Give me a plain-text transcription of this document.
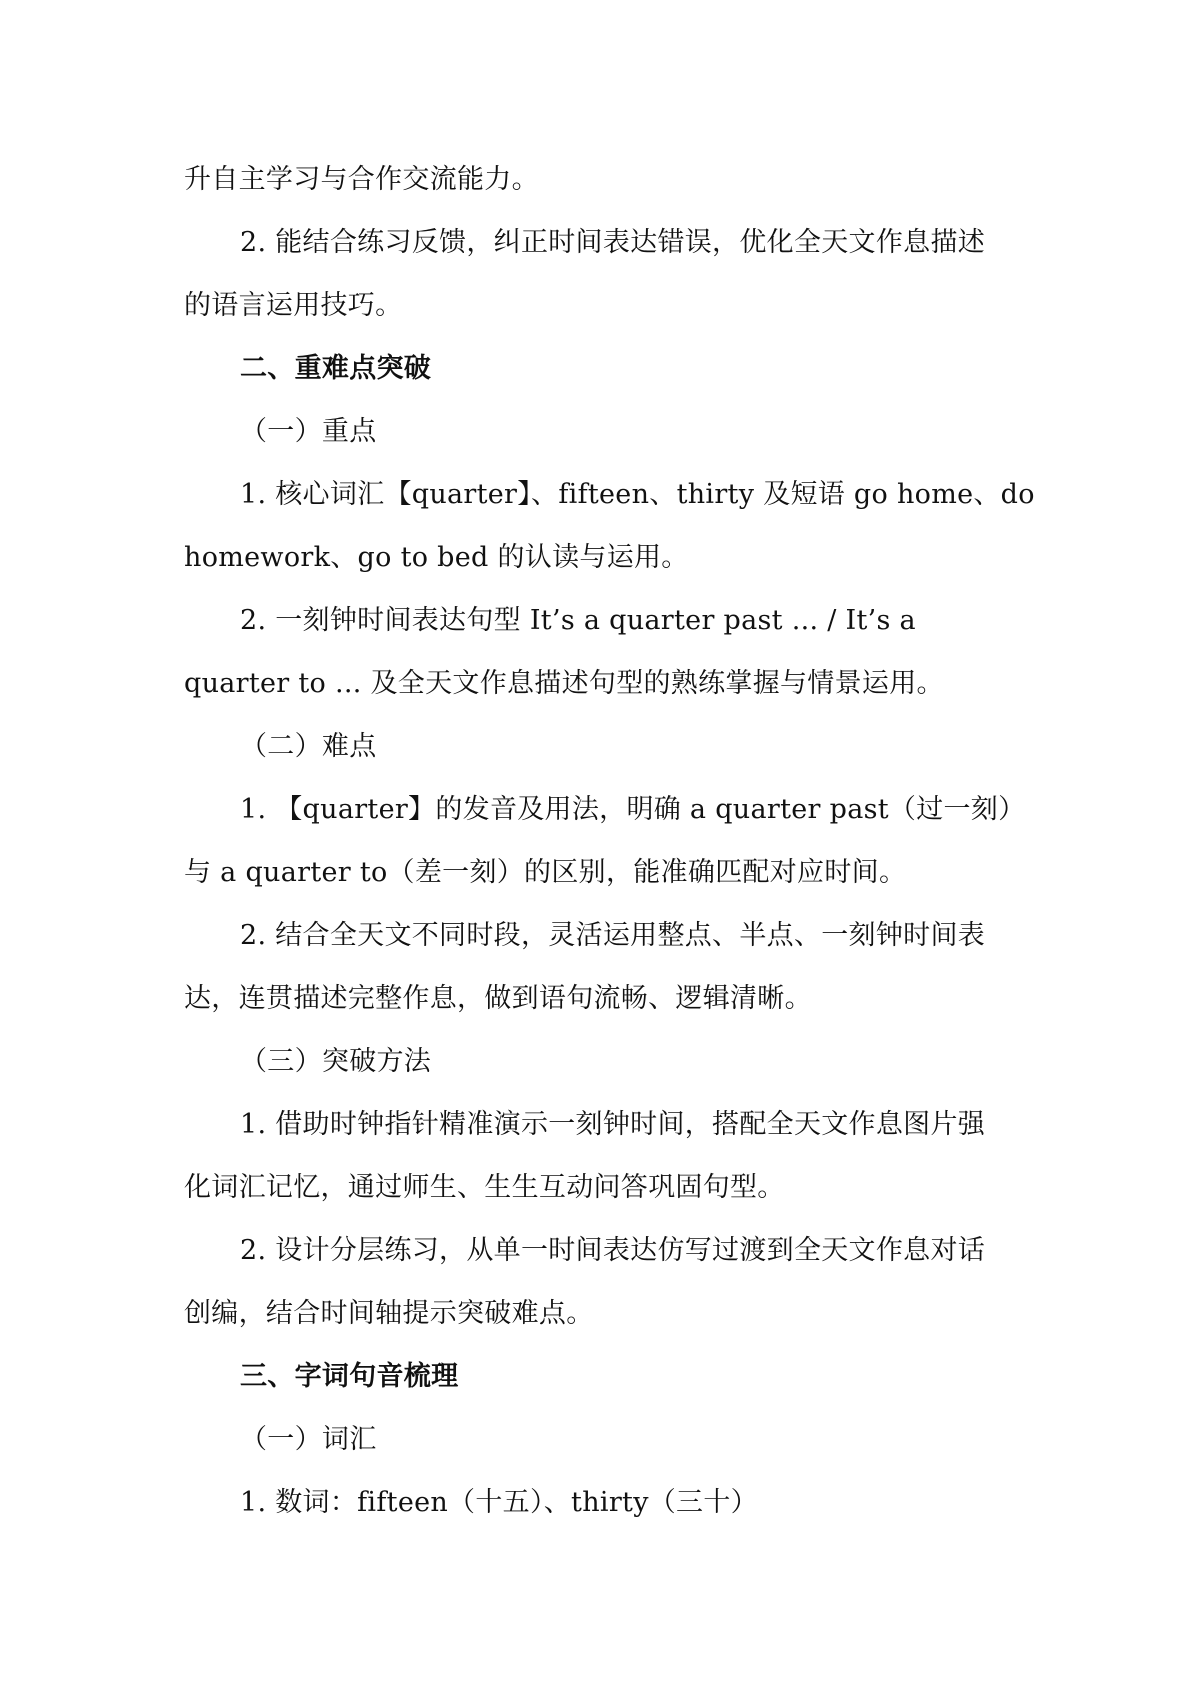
升自主学习与合作交流能力。
2. 能结合练习反馈，纠正时间表达错误，优化全天文作息描述
的语言运用技巧。
二、重难点突破
（一）重点
1. 核心词汇【quarter】、fifteen、thirty 及短语 go home、do
homework、go to bed 的认读与运用。
2. 一刻钟时间表达句型 It’s a quarter past ... / It’s a
quarter to ... 及全天文作息描述句型的熟练掌握与情景运用。
（二）难点
1. 【quarter】的发音及用法，明确 a quarter past（过一刻）
与 a quarter to（差一刻）的区别，能准确匹配对应时间。
2. 结合全天文不同时段，灵活运用整点、半点、一刻钟时间表
达，连贯描述完整作息，做到语句流畅、逻辑清晰。
（三）突破方法
1. 借助时钟指针精准演示一刻钟时间，搭配全天文作息图片强
化词汇记忆，通过师生、生生互动问答巩固句型。
2. 设计分层练习，从单一时间表达仿写过渡到全天文作息对话
创编，结合时间轴提示突破难点。
三、字词句音梳理
（一）词汇
1. 数词：fifteen（十五）、thirty（三十）
